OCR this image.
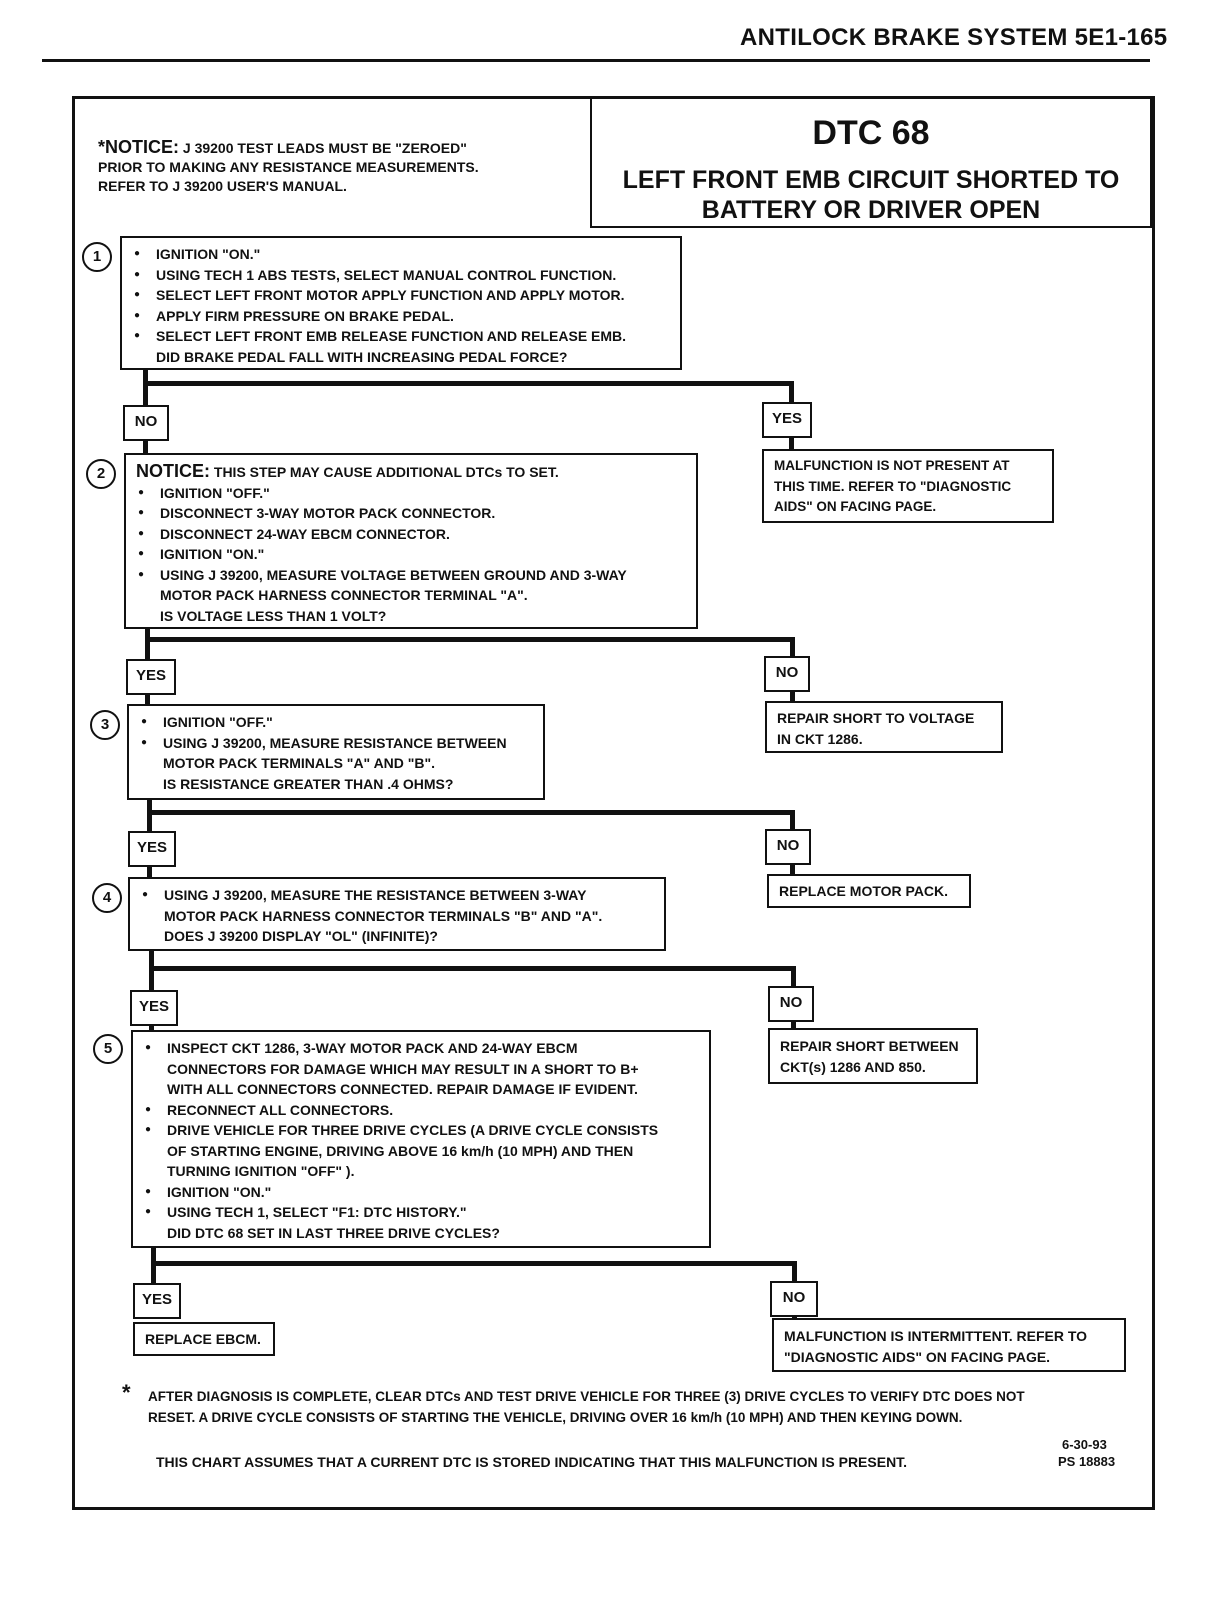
ANTILOCK BRAKE SYSTEM 5E1-165
*NOTICE: J 39200 TEST LEADS MUST BE "ZEROED"
PRIOR TO MAKING ANY RESISTANCE MEASUREMENTS.
REFER TO J 39200 USER'S MANUAL.
DTC 68
LEFT FRONT EMB CIRCUIT SHORTED TO
BATTERY OR DRIVER OPEN
1	● IGNITION "ON."
● USING TECH 1 ABS TESTS, SELECT MANUAL CONTROL FUNCTION.
● SELECT LEFT FRONT MOTOR APPLY FUNCTION AND APPLY MOTOR.
● APPLY FIRM PRESSURE ON BRAKE PEDAL.
● SELECT LEFT FRONT EMB RELEASE FUNCTION AND RELEASE EMB.
DID BRAKE PEDAL FALL WITH INCREASING PEDAL FORCE?
NO	YES
MALFUNCTION IS NOT PRESENT AT
THIS TIME. REFER TO "DIAGNOSTIC
AIDS" ON FACING PAGE.
2	NOTICE: THIS STEP MAY CAUSE ADDITIONAL DTCs TO SET.
● IGNITION "OFF."
● DISCONNECT 3-WAY MOTOR PACK CONNECTOR.
● DISCONNECT 24-WAY EBCM CONNECTOR.
● IGNITION "ON."
● USING J 39200, MEASURE VOLTAGE BETWEEN GROUND AND 3-WAY
MOTOR PACK HARNESS CONNECTOR TERMINAL "A".
IS VOLTAGE LESS THAN 1 VOLT?
YES	NO
REPAIR SHORT TO VOLTAGE
IN CKT 1286.
3	● IGNITION "OFF."
● USING J 39200, MEASURE RESISTANCE BETWEEN
MOTOR PACK TERMINALS "A" AND "B".
IS RESISTANCE GREATER THAN .4 OHMS?
YES	NO
REPLACE MOTOR PACK.
4	● USING J 39200, MEASURE THE RESISTANCE BETWEEN 3-WAY
MOTOR PACK HARNESS CONNECTOR TERMINALS "B" AND "A".
DOES J 39200 DISPLAY "OL" (INFINITE)?
YES	NO
REPAIR SHORT BETWEEN
CKT(s) 1286 AND 850.
5	● INSPECT CKT 1286, 3-WAY MOTOR PACK AND 24-WAY EBCM
CONNECTORS FOR DAMAGE WHICH MAY RESULT IN A SHORT TO B+
WITH ALL CONNECTORS CONNECTED. REPAIR DAMAGE IF EVIDENT.
● RECONNECT ALL CONNECTORS.
● DRIVE VEHICLE FOR THREE DRIVE CYCLES (A DRIVE CYCLE CONSISTS
OF STARTING ENGINE, DRIVING ABOVE 16 km/h (10 MPH) AND THEN
TURNING IGNITION "OFF" ).
● IGNITION "ON."
● USING TECH 1, SELECT "F1: DTC HISTORY."
DID DTC 68 SET IN LAST THREE DRIVE CYCLES?
YES	NO
REPLACE EBCM.	MALFUNCTION IS INTERMITTENT. REFER TO
"DIAGNOSTIC AIDS" ON FACING PAGE.
* AFTER DIAGNOSIS IS COMPLETE, CLEAR DTCs AND TEST DRIVE VEHICLE FOR THREE (3) DRIVE CYCLES TO VERIFY DTC DOES NOT
RESET. A DRIVE CYCLE CONSISTS OF STARTING THE VEHICLE, DRIVING OVER 16 km/h (10 MPH) AND THEN KEYING DOWN.
THIS CHART ASSUMES THAT A CURRENT DTC IS STORED INDICATING THAT THIS MALFUNCTION IS PRESENT.
6-30-93
PS 18883
